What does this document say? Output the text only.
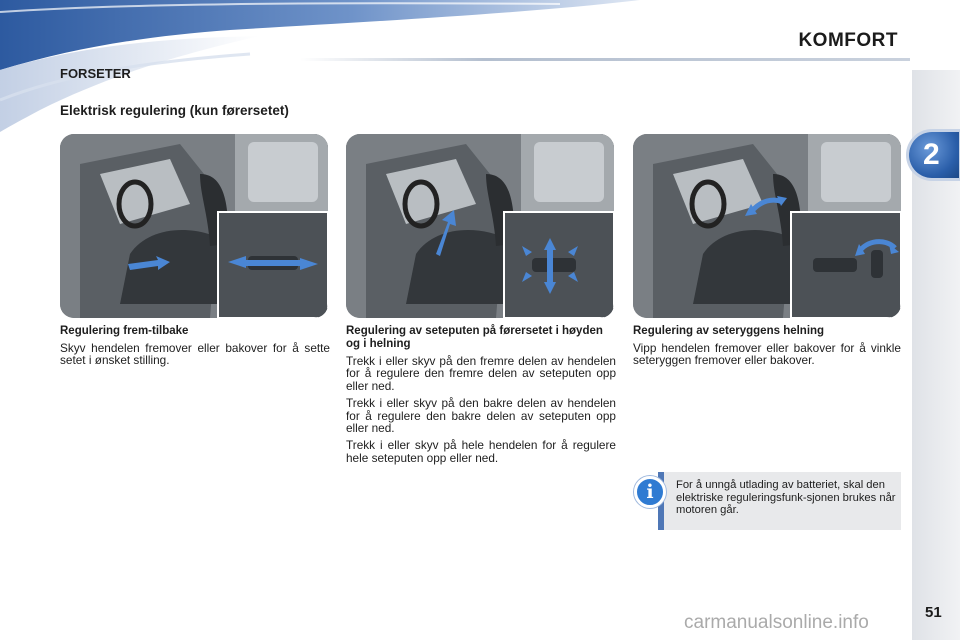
KOMFORT
FORSETER
Elektrisk regulering (kun førersetet)
2
Regulering frem-tilbake

Skyv hendelen fremover eller bakover for å sette setet i ønsket stilling.

Regulering av seteputen på førersetet i høyden og i helning

Trekk i eller skyv på den fremre delen av hendelen for å regulere den fremre delen av seteputen opp eller ned.

Trekk i eller skyv på den bakre delen av hendelen for å regulere den bakre delen av seteputen opp eller ned.

Trekk i eller skyv på hele hendelen for å regulere hele seteputen opp eller ned.

Regulering av seteryggens helning

Vipp hendelen fremover eller bakover for å vinkle seteryggen fremover eller bakover.

i	For å unngå utlading av batteriet, skal den elektriske reguleringsfunk-sjonen brukes når motoren går.
51
carmanualsonline.info
